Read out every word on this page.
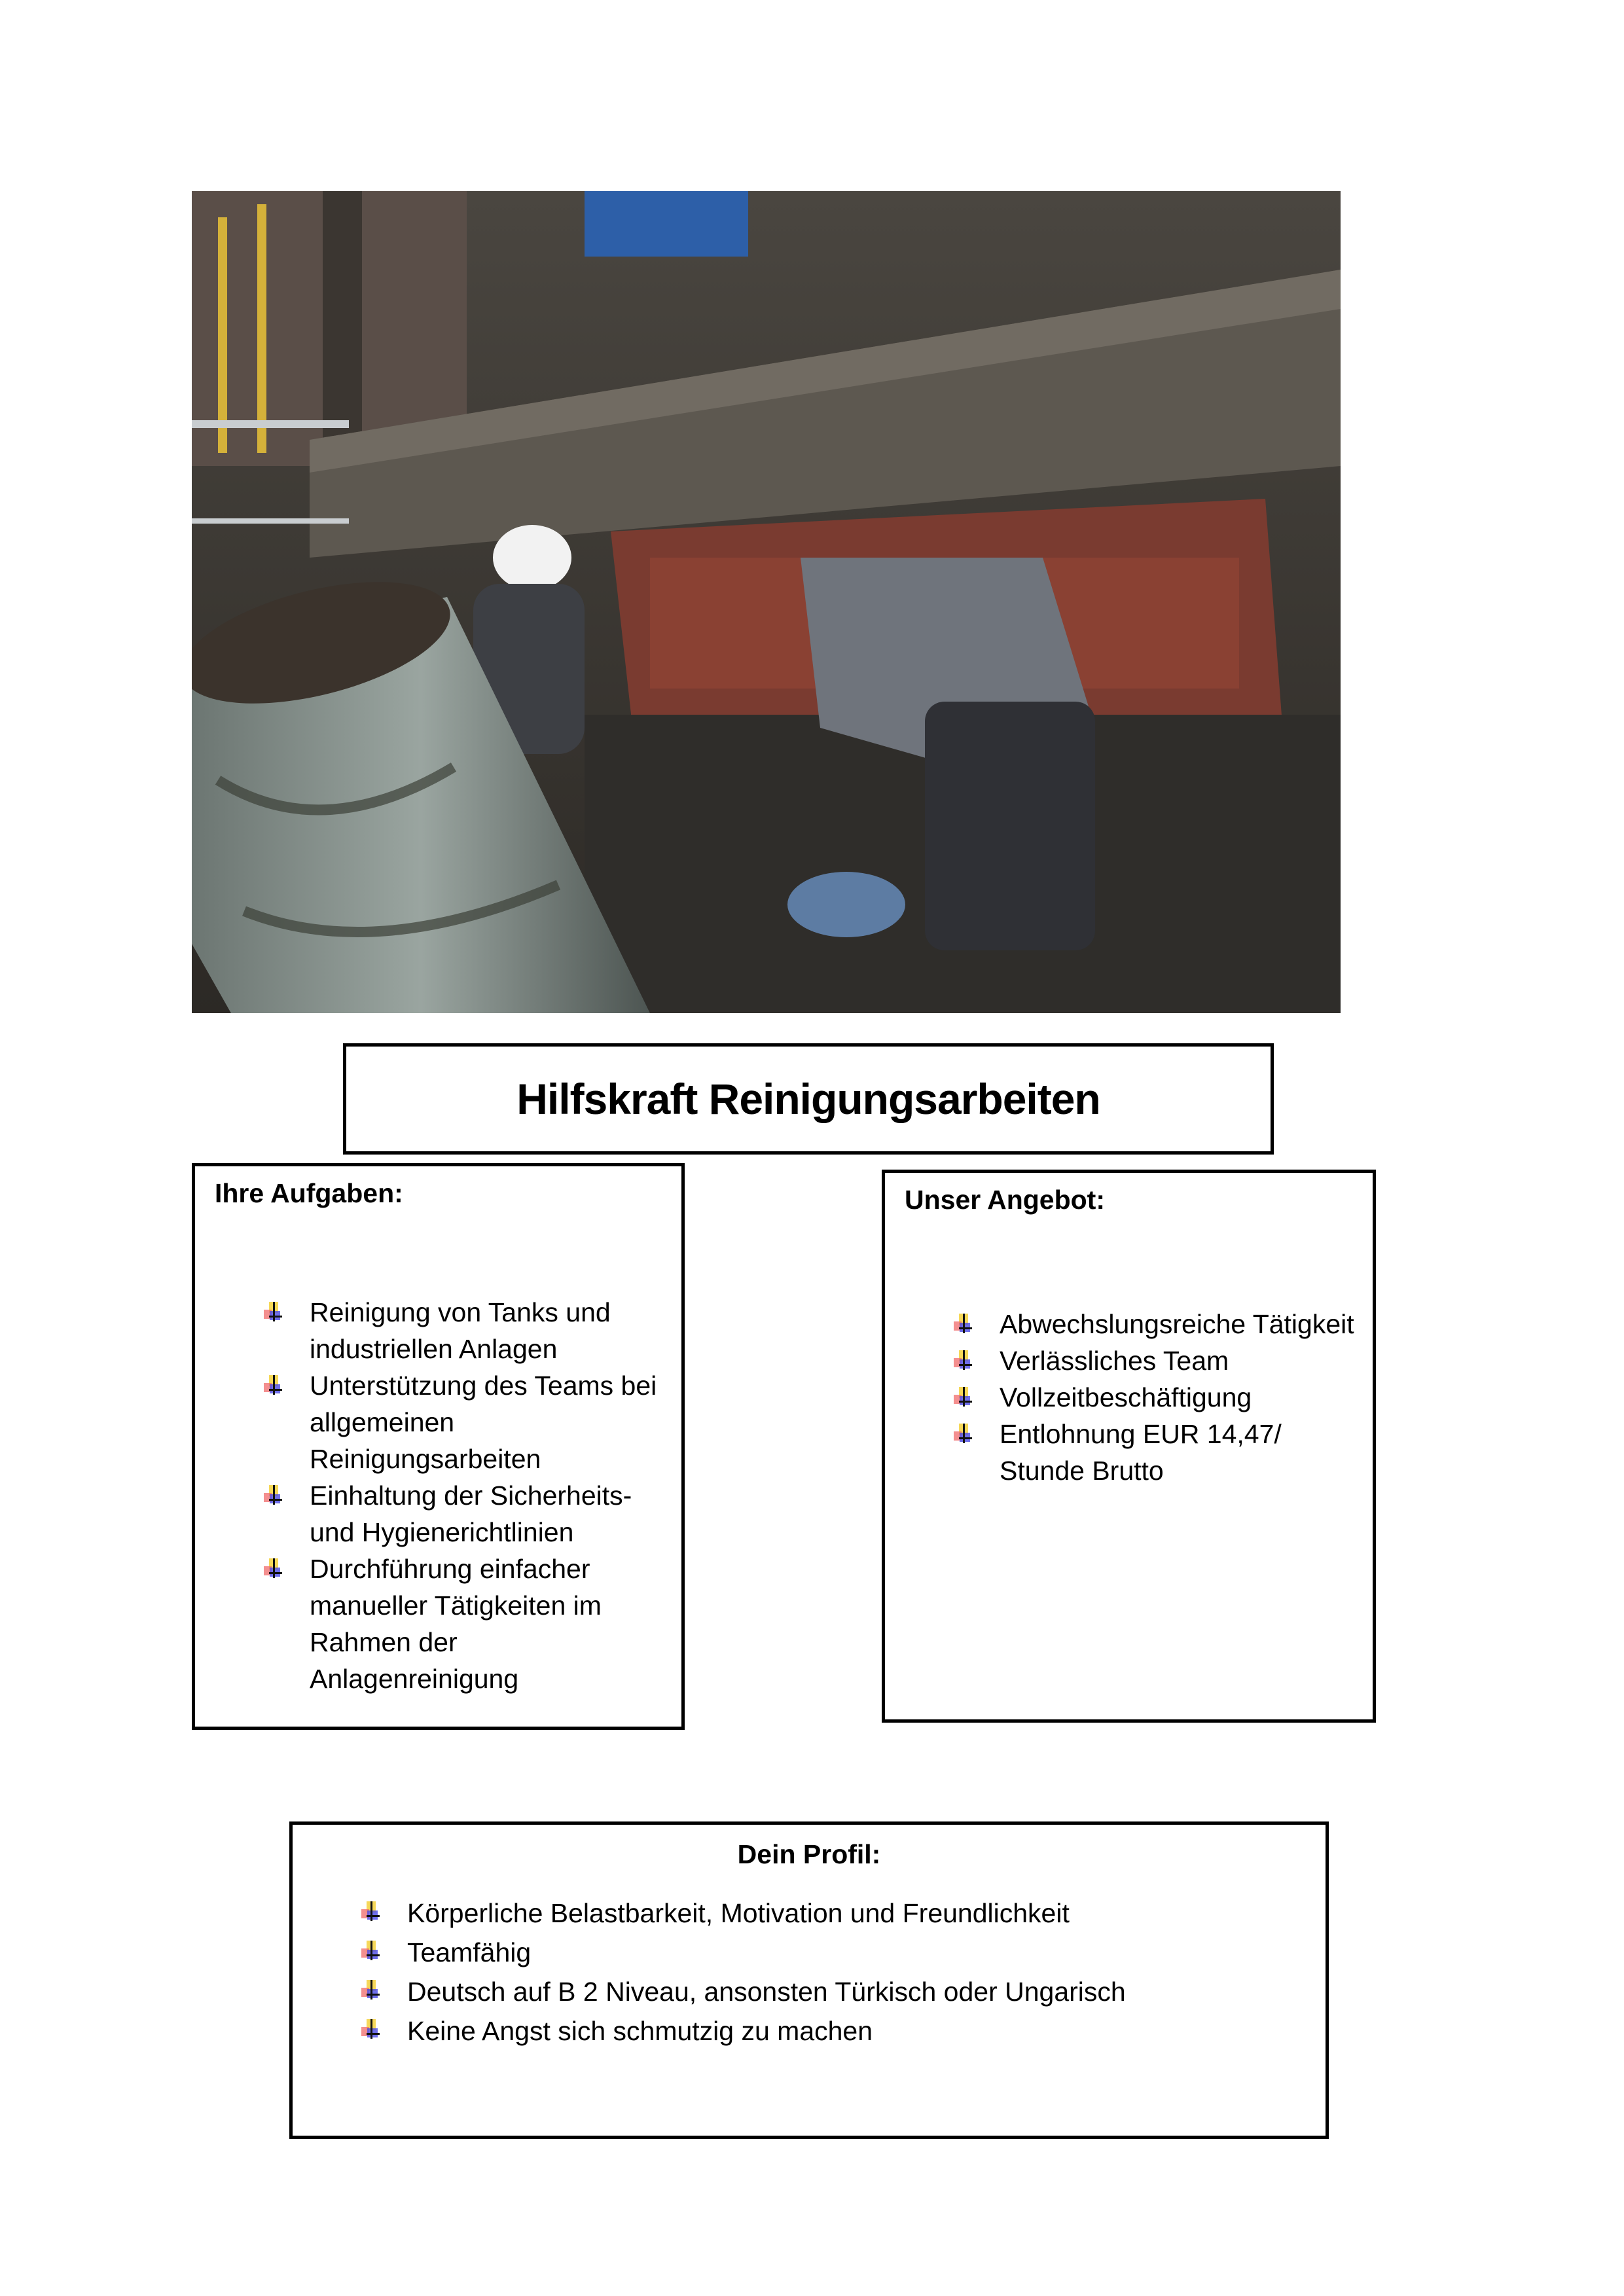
Hilfskraft Reinigungsarbeiten

Ihre Aufgaben:

Reinigung von Tanks und industriellen Anlagen
Unterstützung des Teams bei allgemeinen Reinigungsarbeiten
Einhaltung der Sicherheits- und Hygienerichtlinien
Durchführung einfacher manueller Tätigkeiten im Rahmen der Anlagenreinigung

Unser Angebot:

Abwechslungsreiche Tätigkeit
Verlässliches Team
Vollzeitbeschäftigung
Entlohnung EUR 14,47/ Stunde Brutto

Dein Profil:

Körperliche Belastbarkeit, Motivation und Freundlichkeit
Teamfähig
Deutsch auf B 2 Niveau, ansonsten Türkisch oder Ungarisch
Keine Angst sich schmutzig zu machen
